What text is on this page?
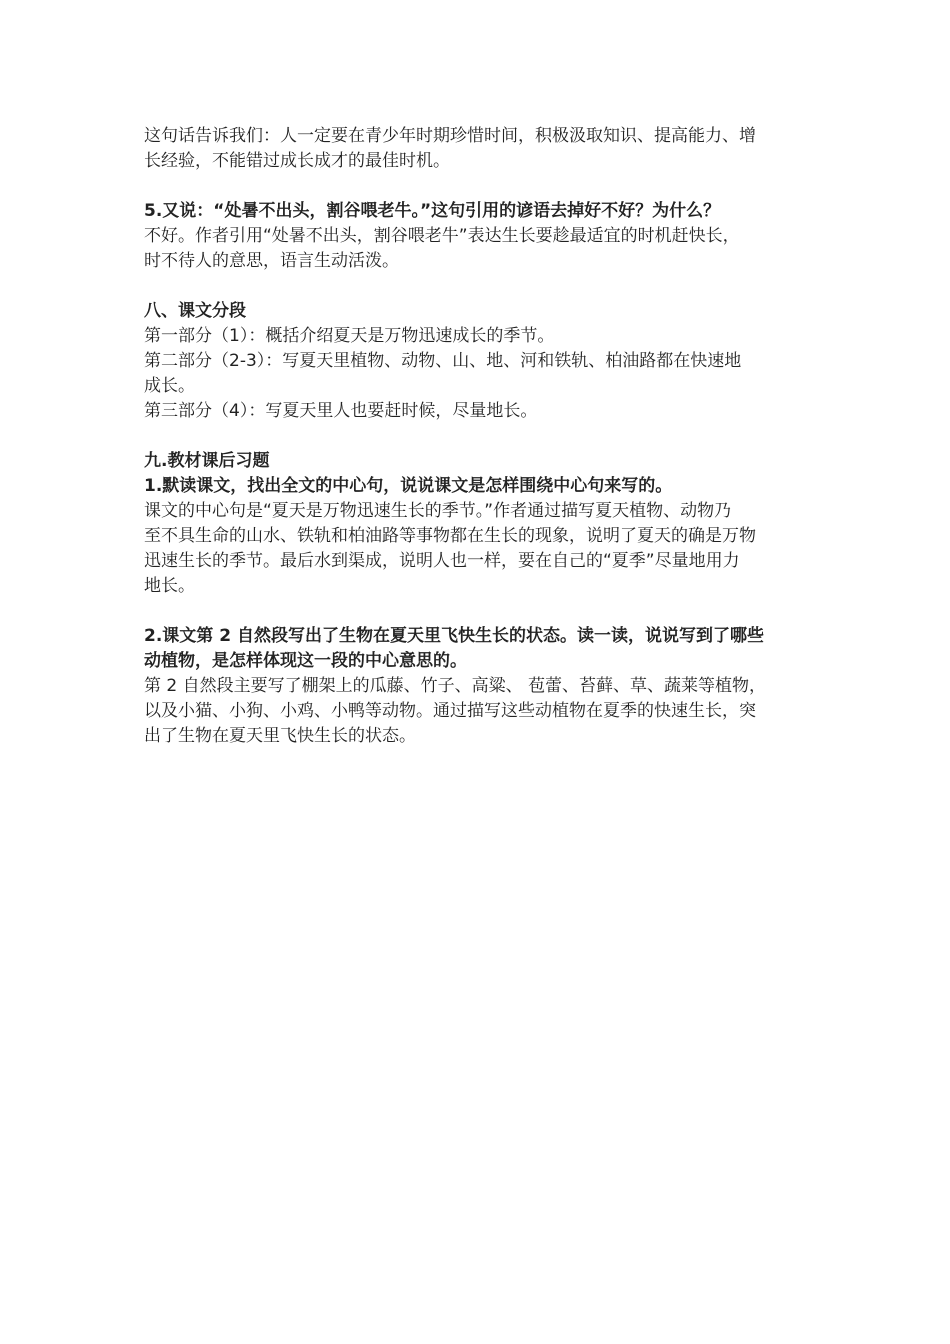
这句话告诉我们：人一定要在青少年时期珍惜时间，积极汲取知识、提高能力、增
长经验，不能错过成长成才的最佳时机。
5.又说：“处暑不出头，割谷喂老牛。”这句引用的谚语去掉好不好？为什么？
不好。作者引用“处暑不出头，割谷喂老牛”表达生长要趁最适宜的时机赶快长，
时不待人的意思，语言生动活泼。
八、课文分段
第一部分（1）：概括介绍夏天是万物迅速成长的季节。
第二部分（2-3）：写夏天里植物、动物、山、地、河和铁轨、柏油路都在快速地
成长。
第三部分（4）：写夏天里人也要赶时候，尽量地长。
九.教材课后习题
1.默读课文，找出全文的中心句，说说课文是怎样围绕中心句来写的。
课文的中心句是“夏天是万物迅速生长的季节。”作者通过描写夏天植物、动物乃
至不具生命的山水、铁轨和柏油路等事物都在生长的现象，说明了夏天的确是万物
迅速生长的季节。最后水到渠成，说明人也一样，要在自己的“夏季”尽量地用力
地长。
2.课文第 2 自然段写出了生物在夏天里飞快生长的状态。读一读，说说写到了哪些
动植物，是怎样体现这一段的中心意思的。
第 2 自然段主要写了棚架上的瓜藤、竹子、高粱、 苞蕾、苔藓、草、蔬莱等植物，
以及小猫、小狗、小鸡、小鸭等动物。通过描写这些动植物在夏季的快速生长，突
出了生物在夏天里飞快生长的状态。
